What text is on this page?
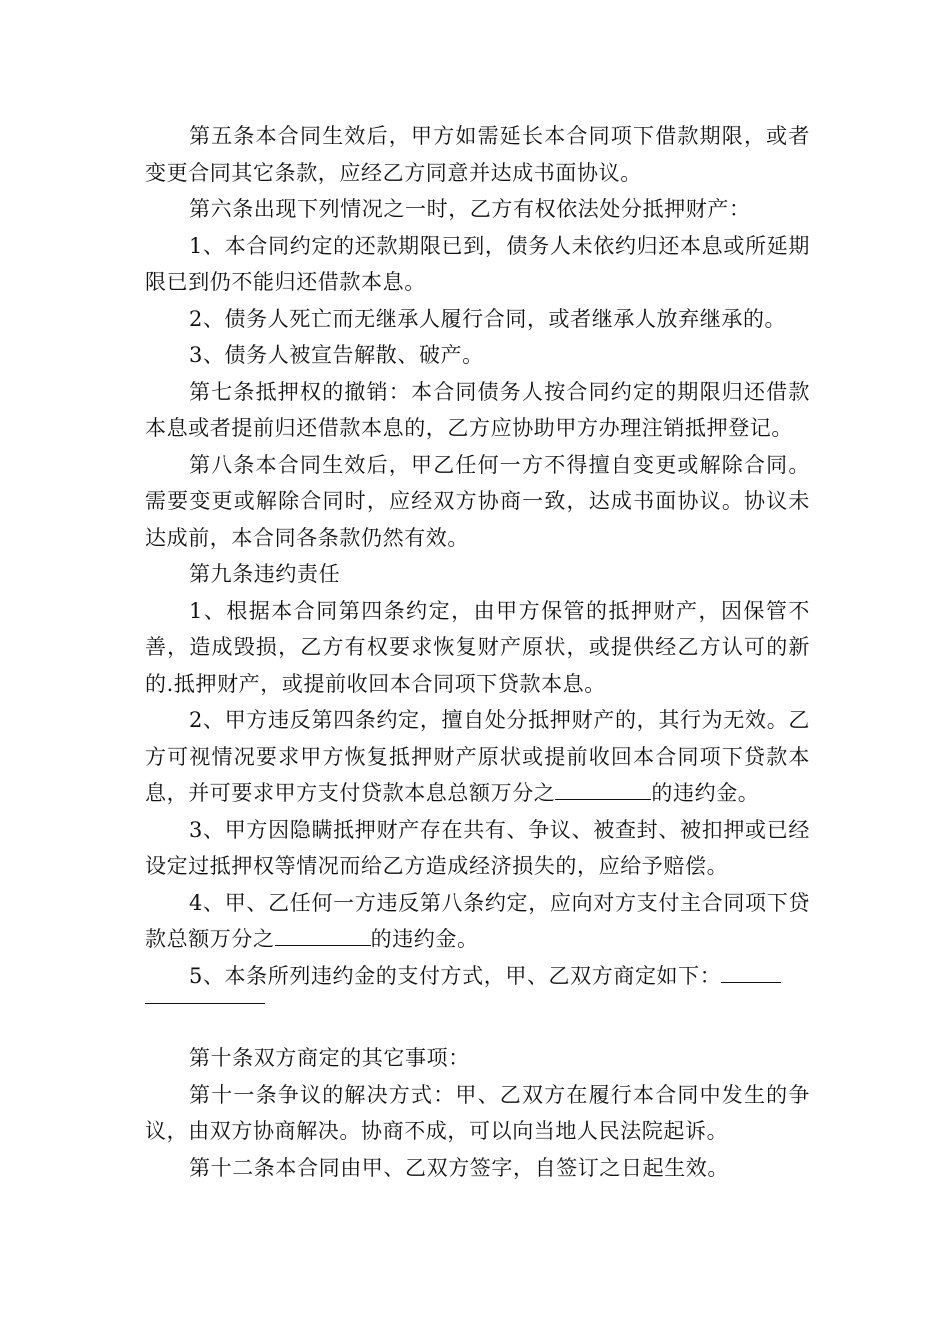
第五条本合同生效后，甲方如需延长本合同项下借款期限，或者变更合同其它条款，应经乙方同意并达成书面协议。

第六条出现下列情况之一时，乙方有权依法处分抵押财产：

1、本合同约定的还款期限已到，债务人未依约归还本息或所延期限已到仍不能归还借款本息。

2、债务人死亡而无继承人履行合同，或者继承人放弃继承的。

3、债务人被宣告解散、破产。

第七条抵押权的撤销：本合同债务人按合同约定的期限归还借款本息或者提前归还借款本息的，乙方应协助甲方办理注销抵押登记。

第八条本合同生效后，甲乙任何一方不得擅自变更或解除合同。需要变更或解除合同时，应经双方协商一致，达成书面协议。协议未达成前，本合同各条款仍然有效。

第九条违约责任

1、根据本合同第四条约定，由甲方保管的抵押财产，因保管不善，造成毁损，乙方有权要求恢复财产原状，或提供经乙方认可的新的.抵押财产，或提前收回本合同项下贷款本息。

2、甲方违反第四条约定，擅自处分抵押财产的，其行为无效。乙方可视情况要求甲方恢复抵押财产原状或提前收回本合同项下贷款本息，并可要求甲方支付贷款本息总额万分之	的违约金。

3、甲方因隐瞒抵押财产存在共有、争议、被查封、被扣押或已经设定过抵押权等情况而给乙方造成经济损失的，应给予赔偿。

4、甲、乙任何一方违反第八条约定，应向对方支付主合同项下贷款总额万分之	的违约金。

5、本条所列违约金的支付方式，甲、乙双方商定如下：

第十条双方商定的其它事项：

第十一条争议的解决方式：甲、乙双方在履行本合同中发生的争议，由双方协商解决。协商不成，可以向当地人民法院起诉。

第十二条本合同由甲、乙双方签字，自签订之日起生效。
